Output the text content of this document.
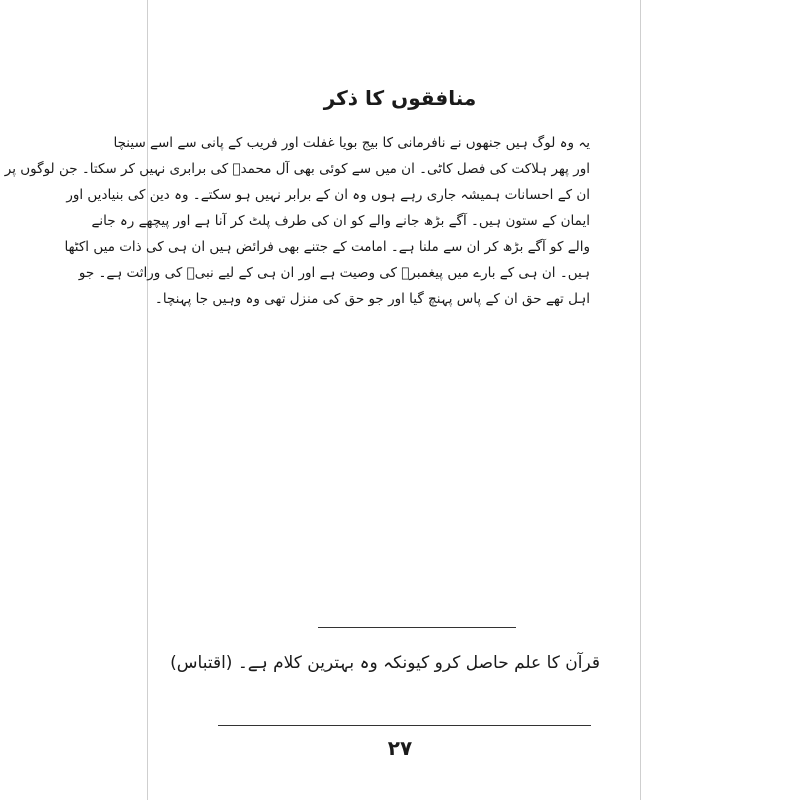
منافقوں کا ذکر
یہ وہ لوگ ہیں جنھوں نے نافرمانی کا بیج بویا غفلت اور فریب کے پانی سے اسے سینچا
اور پھر ہلاکت کی فصل کاٹی۔ ان میں سے کوئی بھی آل محمدؐ کی برابری نہیں کر سکتا۔ جن لوگوں پر
ان کے احسانات ہمیشہ جاری رہے ہوں وہ ان کے برابر نہیں ہو سکتے۔ وہ دین کی بنیادیں اور
ایمان کے ستون ہیں۔ آگے بڑھ جانے والے کو ان کی طرف پلٹ کر آنا ہے اور پیچھے رہ جانے
والے کو آگے بڑھ کر ان سے ملنا ہے۔ امامت کے جتنے بھی فرائض ہیں ان ہی کی ذات میں اکٹھا
ہیں۔ ان ہی کے بارے میں پیغمبرؐ کی وصیت ہے اور ان ہی کے لیے نبیؐ کی وراثت ہے۔ جو
اہل تھے حق ان کے پاس پہنچ گیا اور جو حق کی منزل تھی وہ وہیں جا پہنچا۔
قرآن کا علم حاصل کرو کیونکہ وہ بہترین کلام ہے۔ (اقتباس)
۲۷
